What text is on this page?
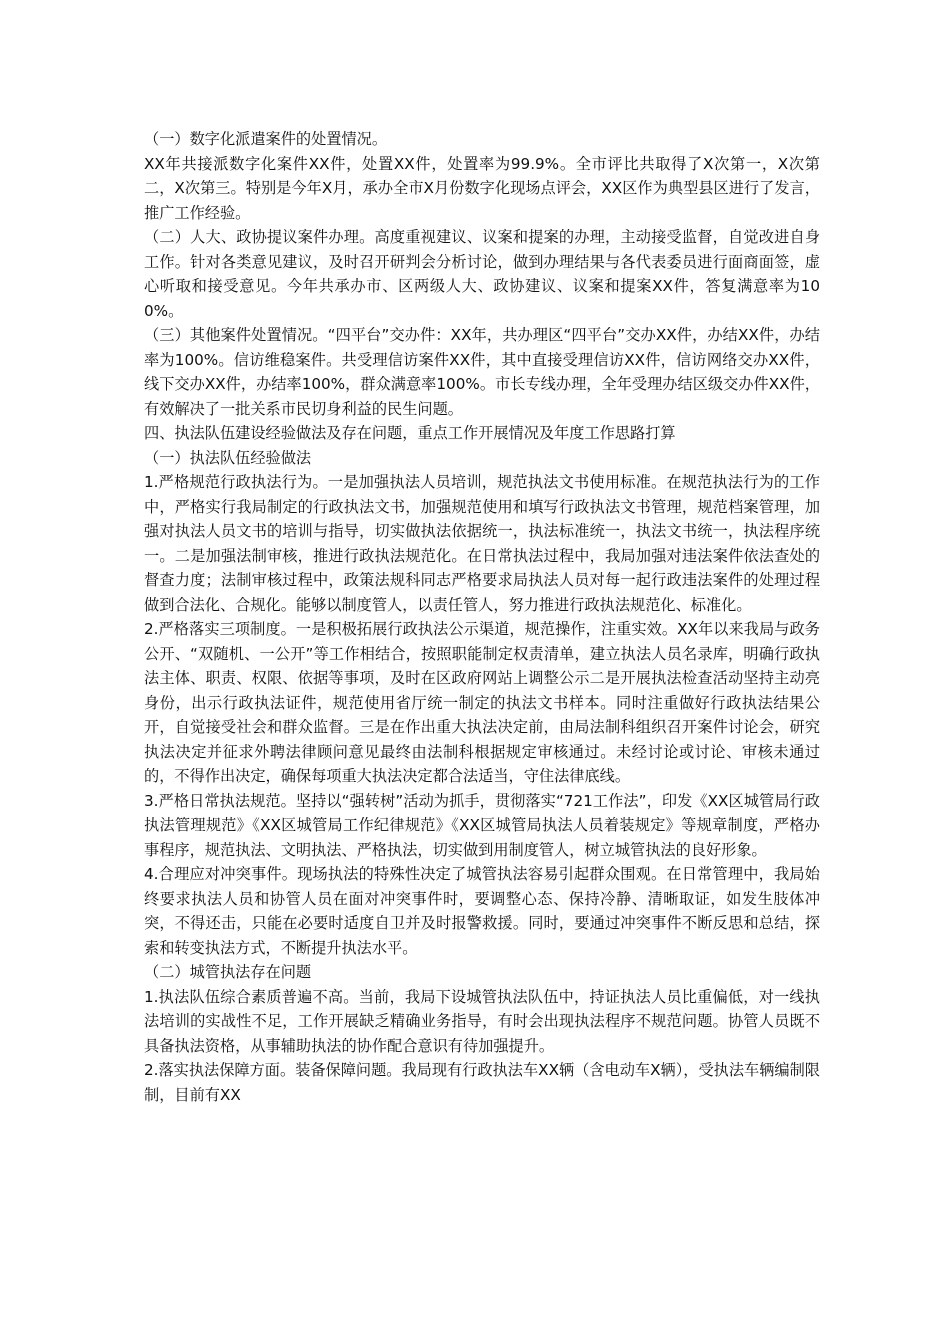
（一）数字化派遣案件的处置情况。

XX年共接派数字化案件XX件，处置XX件，处置率为99.9%。全市评比共取得了X次第一，X次第二，X次第三。特别是今年X月，承办全市X月份数字化现场点评会，XX区作为典型县区进行了发言，推广工作经验。

（二）人大、政协提议案件办理。高度重视建议、议案和提案的办理，主动接受监督，自觉改进自身工作。针对各类意见建议，及时召开研判会分析讨论，做到办理结果与各代表委员进行面商面签，虚心听取和接受意见。今年共承办市、区两级人大、政协建议、议案和提案XX件，答复满意率为100%。

（三）其他案件处置情况。“四平台”交办件：XX年，共办理区“四平台”交办XX件，办结XX件，办结率为100%。信访维稳案件。共受理信访案件XX件，其中直接受理信访XX件，信访网络交办XX件，线下交办XX件，办结率100%，群众满意率100%。市长专线办理，全年受理办结区级交办件XX件，有效解决了一批关系市民切身利益的民生问题。

四、执法队伍建设经验做法及存在问题，重点工作开展情况及年度工作思路打算

（一）执法队伍经验做法

1.严格规范行政执法行为。一是加强执法人员培训，规范执法文书使用标准。在规范执法行为的工作中，严格实行我局制定的行政执法文书，加强规范使用和填写行政执法文书管理，规范档案管理，加强对执法人员文书的培训与指导，切实做执法依据统一，执法标准统一，执法文书统一，执法程序统一。二是加强法制审核，推进行政执法规范化。在日常执法过程中，我局加强对违法案件依法查处的督查力度；法制审核过程中，政策法规科同志严格要求局执法人员对每一起行政违法案件的处理过程做到合法化、合规化。能够以制度管人，以责任管人，努力推进行政执法规范化、标准化。

2.严格落实三项制度。一是积极拓展行政执法公示渠道，规范操作，注重实效。XX年以来我局与政务公开、“双随机、一公开”等工作相结合，按照职能制定权责清单，建立执法人员名录库，明确行政执法主体、职责、权限、依据等事项，及时在区政府网站上调整公示二是开展执法检查活动坚持主动亮身份，出示行政执法证件，规范使用省厅统一制定的执法文书样本。同时注重做好行政执法结果公开，自觉接受社会和群众监督。三是在作出重大执法决定前，由局法制科组织召开案件讨论会，研究执法决定并征求外聘法律顾问意见最终由法制科根据规定审核通过。未经讨论或讨论、审核未通过的，不得作出决定，确保每项重大执法决定都合法适当，守住法律底线。

3.严格日常执法规范。坚持以“强转树”活动为抓手，贯彻落实“721工作法”，印发《XX区城管局行政执法管理规范》《XX区城管局工作纪律规范》《XX区城管局执法人员着装规定》等规章制度，严格办事程序，规范执法、文明执法、严格执法，切实做到用制度管人，树立城管执法的良好形象。

4.合理应对冲突事件。现场执法的特殊性决定了城管执法容易引起群众围观。在日常管理中，我局始终要求执法人员和协管人员在面对冲突事件时，要调整心态、保持冷静、清晰取证，如发生肢体冲突，不得还击，只能在必要时适度自卫并及时报警救援。同时，要通过冲突事件不断反思和总结，探索和转变执法方式，不断提升执法水平。

（二）城管执法存在问题

1.执法队伍综合素质普遍不高。当前，我局下设城管执法队伍中，持证执法人员比重偏低，对一线执法培训的实战性不足，工作开展缺乏精确业务指导，有时会出现执法程序不规范问题。协管人员既不具备执法资格，从事辅助执法的协作配合意识有待加强提升。

2.落实执法保障方面。装备保障问题。我局现有行政执法车XX辆（含电动车X辆），受执法车辆编制限制，目前有XX
